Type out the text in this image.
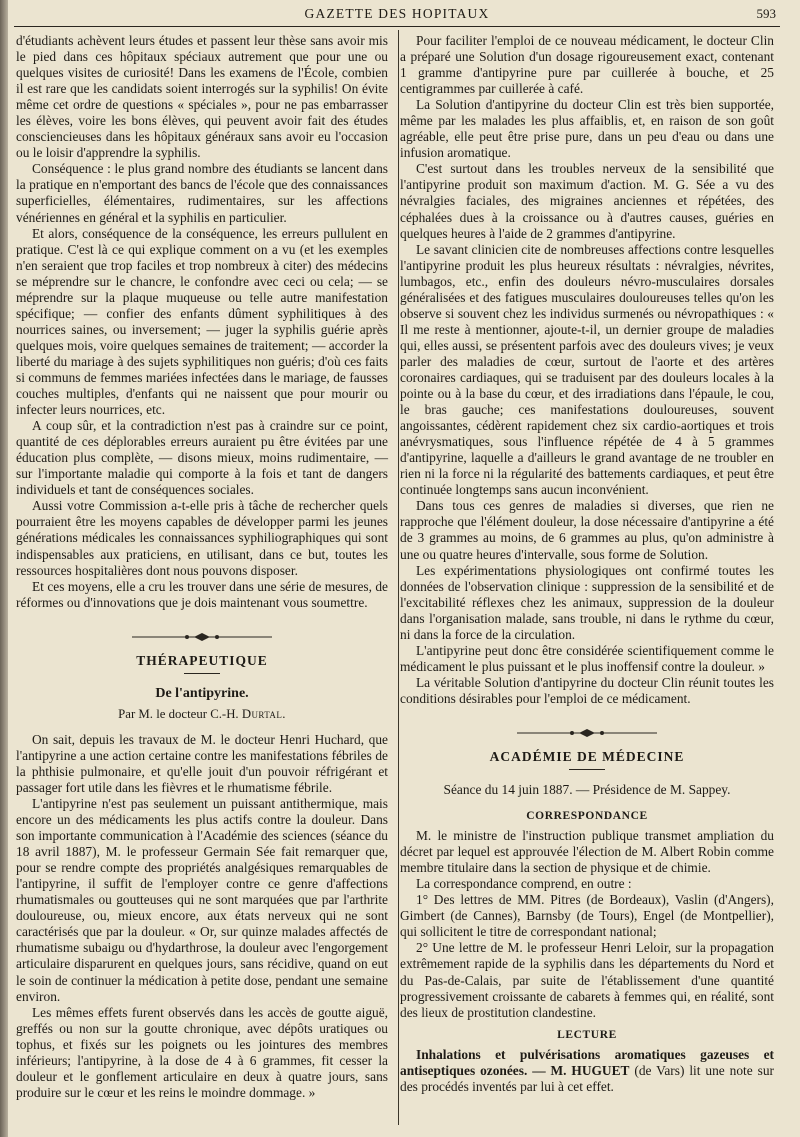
GAZETTE DES HOPITAUX	593

d'étudiants achèvent leurs études et passent leur thèse sans avoir mis le pied dans ces hôpitaux spéciaux autrement que pour une ou quelques visites de curiosité! Dans les examens de l'École, combien il est rare que les candidats soient interrogés sur la syphilis! On évite même cet ordre de questions « spéciales », pour ne pas embarrasser les élèves, voire les bons élèves, qui peuvent avoir fait des études consciencieuses dans les hôpitaux généraux sans avoir eu l'occasion ou le loisir d'apprendre la syphilis.

Conséquence : le plus grand nombre des étudiants se lancent dans la pratique en n'emportant des bancs de l'école que des connaissances superficielles, élémentaires, rudimentaires, sur les affections vénériennes en général et la syphilis en particulier.

Et alors, conséquence de la conséquence, les erreurs pullulent en pratique. C'est là ce qui explique comment on a vu (et les exemples n'en seraient que trop faciles et trop nombreux à citer) des médecins se méprendre sur le chancre, le confondre avec ceci ou cela; — se méprendre sur la plaque muqueuse ou telle autre manifestation spécifique; — confier des enfants dûment syphilitiques à des nourrices saines, ou inversement; — juger la syphilis guérie après quelques mois, voire quelques semaines de traitement; — accorder la liberté du mariage à des sujets syphilitiques non guéris; d'où ces faits si communs de femmes mariées infectées dans le mariage, de fausses couches multiples, d'enfants qui ne naissent que pour mourir ou infecter leurs nourrices, etc.

A coup sûr, et la contradiction n'est pas à craindre sur ce point, quantité de ces déplorables erreurs auraient pu être évitées par une éducation plus complète, — disons mieux, moins rudimentaire, — sur l'importante maladie qui comporte à la fois et tant de dangers individuels et tant de conséquences sociales.

Aussi votre Commission a-t-elle pris à tâche de rechercher quels pourraient être les moyens capables de développer parmi les jeunes générations médicales les connaissances syphiliographiques qui sont indispensables aux praticiens, en utilisant, dans ce but, toutes les ressources hospitalières dont nous pouvons disposer.

Et ces moyens, elle a cru les trouver dans une série de mesures, de réformes ou d'innovations que je dois maintenant vous soumettre.

THÉRAPEUTIQUE
De l'antipyrine.
Par M. le docteur C.-H. Durtal.

On sait, depuis les travaux de M. le docteur Henri Huchard, que l'antipyrine a une action certaine contre les manifestations fébriles de la phthisie pulmonaire, et qu'elle jouit d'un pouvoir réfrigérant et passager fort utile dans les fièvres et le rhumatisme fébrile.

L'antipyrine n'est pas seulement un puissant antithermique, mais encore un des médicaments les plus actifs contre la douleur. Dans son importante communication à l'Académie des sciences (séance du 18 avril 1887), M. le professeur Germain Sée fait remarquer que, pour se rendre compte des propriétés analgésiques remarquables de l'antipyrine, il suffit de l'employer contre ce genre d'affections rhumatismales ou goutteuses qui ne sont marquées que par l'arthrite douloureuse, ou, mieux encore, aux états nerveux qui ne sont caractérisés que par la douleur. « Or, sur quinze malades affectés de rhumatisme subaigu ou d'hydarthrose, la douleur avec l'engorgement articulaire disparurent en quelques jours, sans récidive, quand on eut le soin de continuer la médication à petite dose, pendant une semaine environ.

Les mêmes effets furent observés dans les accès de goutte aiguë, greffés ou non sur la goutte chronique, avec dépôts uratiques ou tophus, et fixés sur les poignets ou les jointures des membres inférieurs; l'antipyrine, à la dose de 4 à 6 grammes, fit cesser la douleur et le gonflement articulaire en deux à quatre jours, sans produire sur le cœur et les reins le moindre dommage. »

Pour faciliter l'emploi de ce nouveau médicament, le docteur Clin a préparé une Solution d'un dosage rigoureusement exact, contenant 1 gramme d'antipyrine pure par cuillerée à bouche, et 25 centigrammes par cuillerée à café.

La Solution d'antipyrine du docteur Clin est très bien supportée, même par les malades les plus affaiblis, et, en raison de son goût agréable, elle peut être prise pure, dans un peu d'eau ou dans une infusion aromatique.

C'est surtout dans les troubles nerveux de la sensibilité que l'antipyrine produit son maximum d'action. M. G. Sée a vu des névralgies faciales, des migraines anciennes et répétées, des céphalées dues à la croissance ou à d'autres causes, guéries en quelques heures à l'aide de 2 grammes d'antipyrine.

Le savant clinicien cite de nombreuses affections contre lesquelles l'antipyrine produit les plus heureux résultats : névralgies, névrites, lumbagos, etc., enfin des douleurs névro-musculaires dorsales généralisées et des fatigues musculaires douloureuses telles qu'on les observe si souvent chez les individus surmenés ou névropathiques : « Il me reste à mentionner, ajoute-t-il, un dernier groupe de maladies qui, elles aussi, se présentent parfois avec des douleurs vives; je veux parler des maladies de cœur, surtout de l'aorte et des artères coronaires cardiaques, qui se traduisent par des douleurs locales à la pointe ou à la base du cœur, et des irradiations dans l'épaule, le cou, le bras gauche; ces manifestations douloureuses, souvent angoissantes, cédèrent rapidement chez six cardio-aortiques et trois anévrysmatiques, sous l'influence répétée de 4 à 5 grammes d'antipyrine, laquelle a d'ailleurs le grand avantage de ne troubler en rien ni la force ni la régularité des battements cardiaques, et peut être continuée longtemps sans aucun inconvénient.

Dans tous ces genres de maladies si diverses, que rien ne rapproche que l'élément douleur, la dose nécessaire d'antipyrine a été de 3 grammes au moins, de 6 grammes au plus, qu'on administre à une ou quatre heures d'intervalle, sous forme de Solution.

Les expérimentations physiologiques ont confirmé toutes les données de l'observation clinique : suppression de la sensibilité et de l'excitabilité réflexes chez les animaux, suppression de la douleur dans l'organisation malade, sans trouble, ni dans le rythme du cœur, ni dans la force de la circulation.

L'antipyrine peut donc être considérée scientifiquement comme le médicament le plus puissant et le plus inoffensif contre la douleur. »

La véritable Solution d'antipyrine du docteur Clin réunit toutes les conditions désirables pour l'emploi de ce médicament.

ACADÉMIE DE MÉDECINE
Séance du 14 juin 1887. — Présidence de M. Sappey.
CORRESPONDANCE

M. le ministre de l'instruction publique transmet ampliation du décret par lequel est approuvée l'élection de M. Albert Robin comme membre titulaire dans la section de physique et de chimie.

La correspondance comprend, en outre :

1° Des lettres de MM. Pitres (de Bordeaux), Vaslin (d'Angers), Gimbert (de Cannes), Barnsby (de Tours), Engel (de Montpellier), qui sollicitent le titre de correspondant national;

2° Une lettre de M. le professeur Henri Leloir, sur la propagation extrêmement rapide de la syphilis dans les départements du Nord et du Pas-de-Calais, par suite de l'établissement d'une quantité progressivement croissante de cabarets à femmes qui, en réalité, sont des lieux de prostitution clandestine.

LECTURE

Inhalations et pulvérisations aromatiques gazeuses et antiseptiques ozonées. — M. HUGUET (de Vars) lit une note sur des procédés inventés par lui à cet effet.
